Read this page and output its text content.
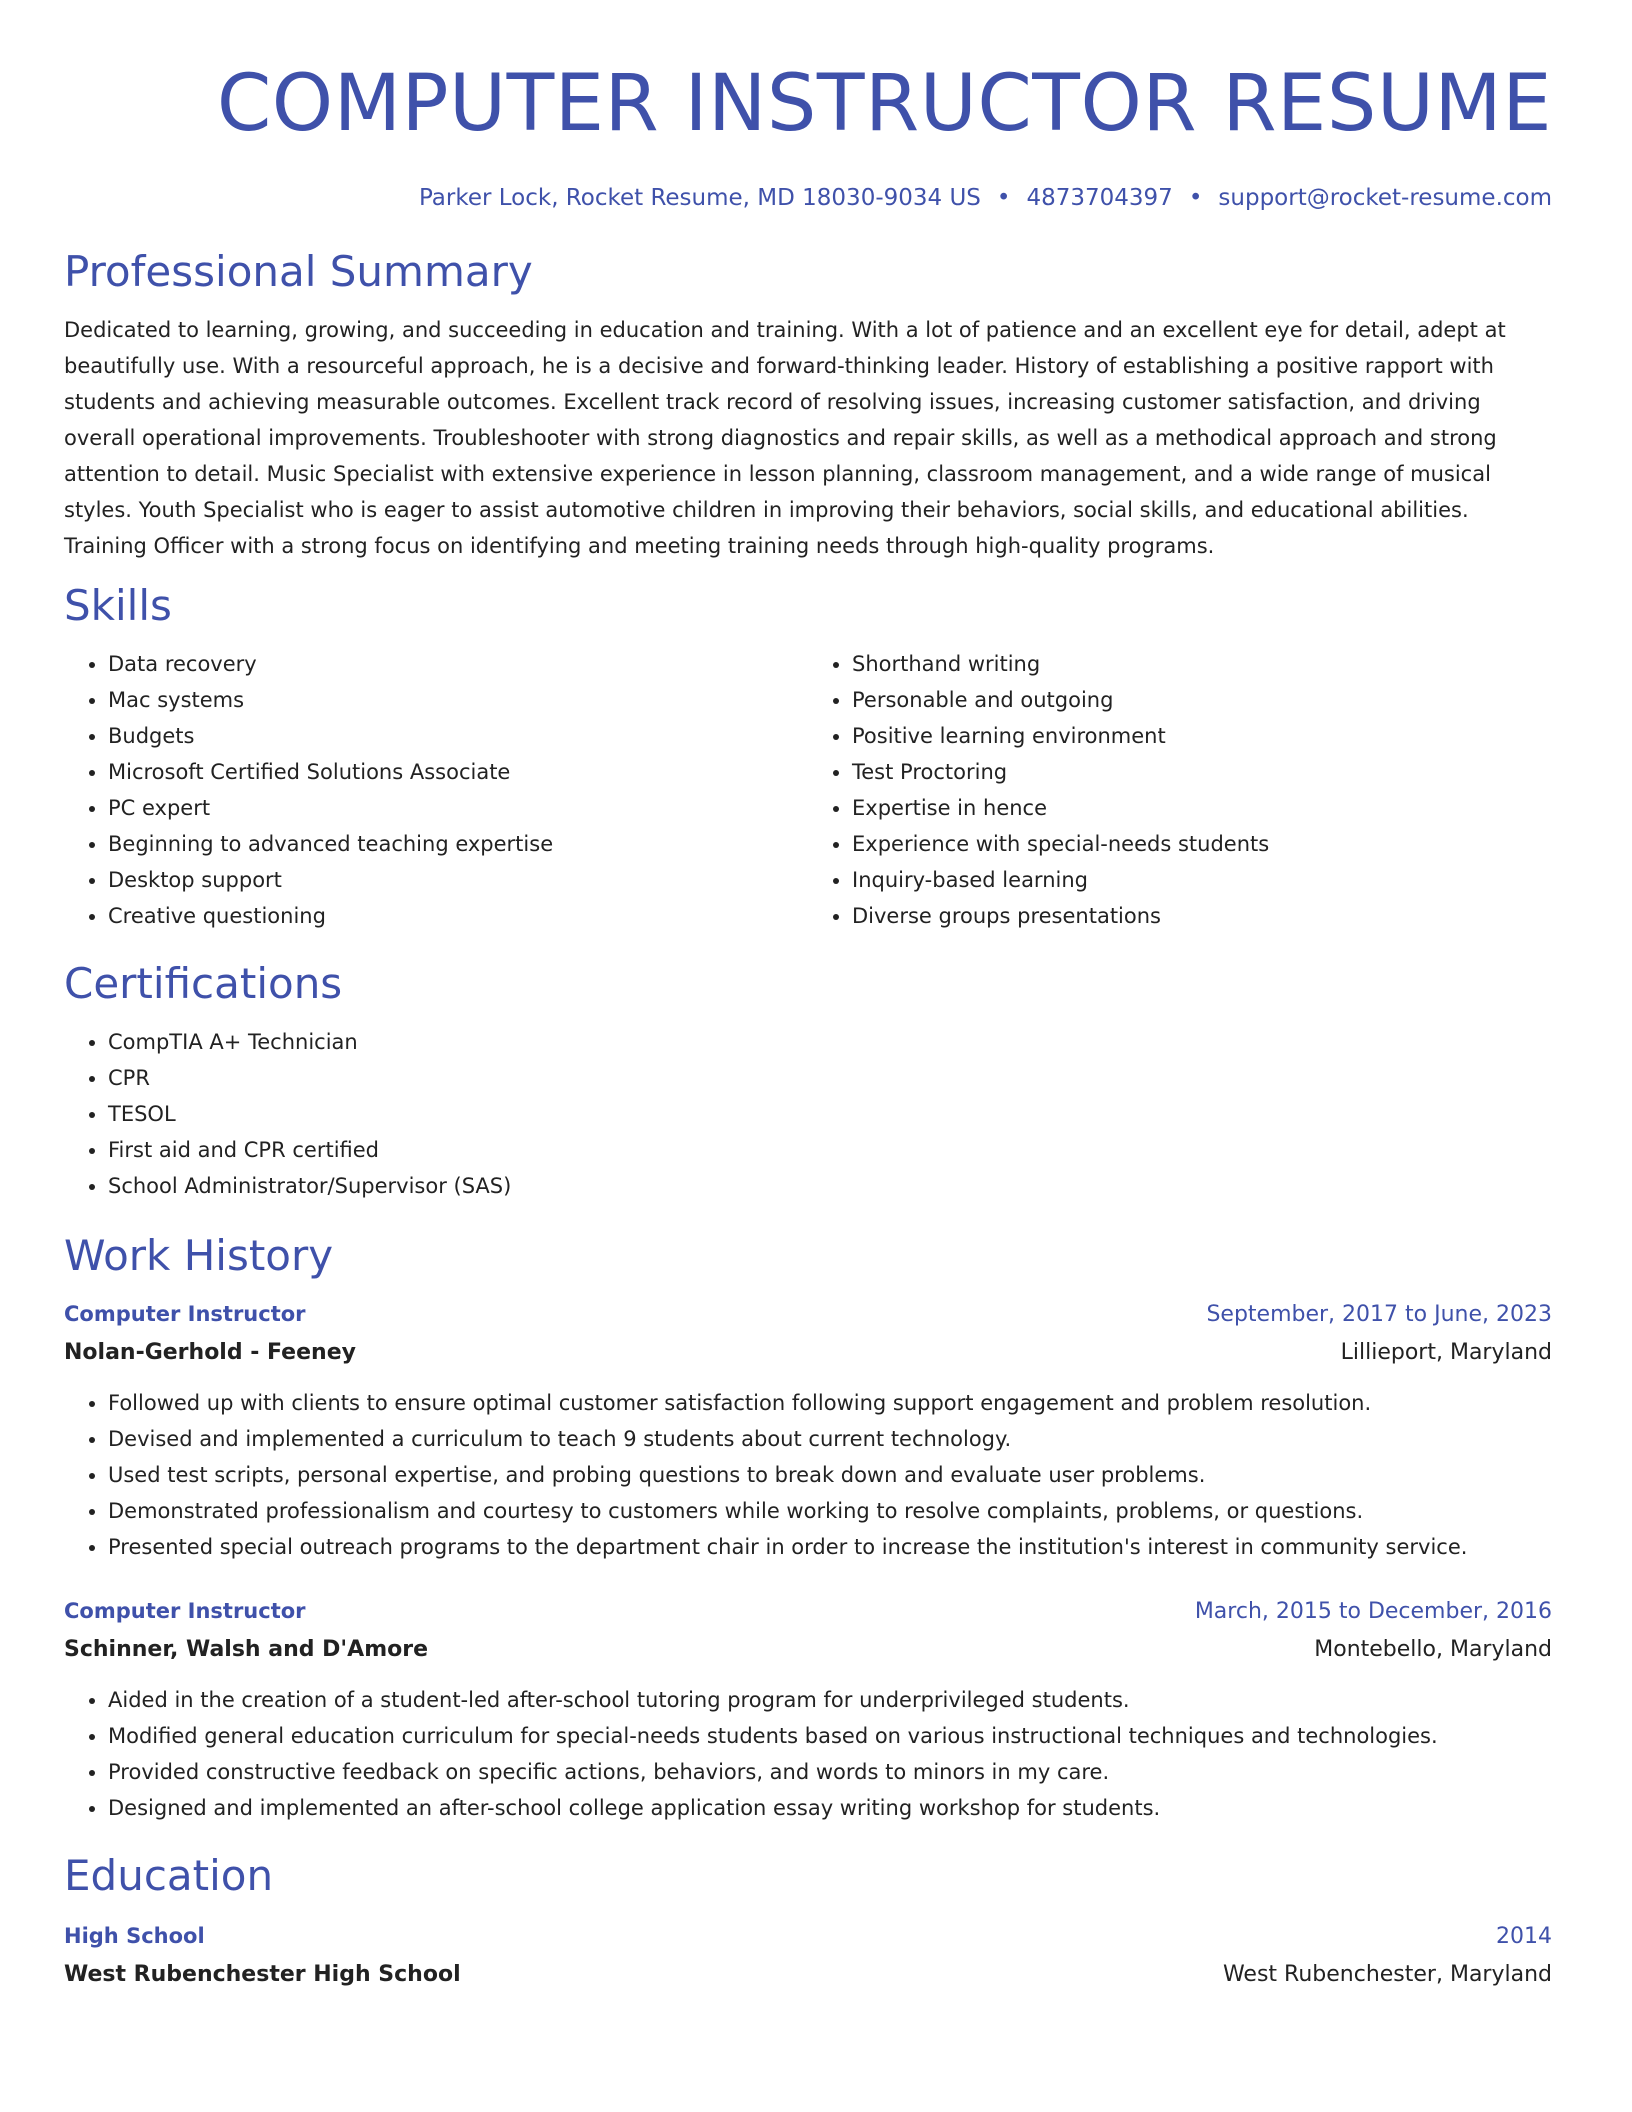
COMPUTER INSTRUCTOR RESUME
Parker Lock, Rocket Resume, MD 18030-9034 US • 4873704397 • support@rocket-resume.com
Professional Summary
Dedicated to learning, growing, and succeeding in education and training. With a lot of patience and an excellent eye for detail, adept at beautifully use. With a resourceful approach, he is a decisive and forward-thinking leader. History of establishing a positive rapport with students and achieving measurable outcomes. Excellent track record of resolving issues, increasing customer satisfaction, and driving overall operational improvements. Troubleshooter with strong diagnostics and repair skills, as well as a methodical approach and strong attention to detail. Music Specialist with extensive experience in lesson planning, classroom management, and a wide range of musical styles. Youth Specialist who is eager to assist automotive children in improving their behaviors, social skills, and educational abilities. Training Officer with a strong focus on identifying and meeting training needs through high-quality programs.
Skills
• Data recovery
• Mac systems
• Budgets
• Microsoft Certified Solutions Associate
• PC expert
• Beginning to advanced teaching expertise
• Desktop support
• Creative questioning
• Shorthand writing
• Personable and outgoing
• Positive learning environment
• Test Proctoring
• Expertise in hence
• Experience with special-needs students
• Inquiry-based learning
• Diverse groups presentations
Certifications
• CompTIA A+ Technician
• CPR
• TESOL
• First aid and CPR certified
• School Administrator/Supervisor (SAS)
Work History
Computer Instructor	September, 2017 to June, 2023
Nolan-Gerhold - Feeney	Lillieport, Maryland
• Followed up with clients to ensure optimal customer satisfaction following support engagement and problem resolution.
• Devised and implemented a curriculum to teach 9 students about current technology.
• Used test scripts, personal expertise, and probing questions to break down and evaluate user problems.
• Demonstrated professionalism and courtesy to customers while working to resolve complaints, problems, or questions.
• Presented special outreach programs to the department chair in order to increase the institution's interest in community service.
Computer Instructor	March, 2015 to December, 2016
Schinner, Walsh and D'Amore	Montebello, Maryland
• Aided in the creation of a student-led after-school tutoring program for underprivileged students.
• Modified general education curriculum for special-needs students based on various instructional techniques and technologies.
• Provided constructive feedback on specific actions, behaviors, and words to minors in my care.
• Designed and implemented an after-school college application essay writing workshop for students.
Education
High School	2014
West Rubenchester High School	West Rubenchester, Maryland
